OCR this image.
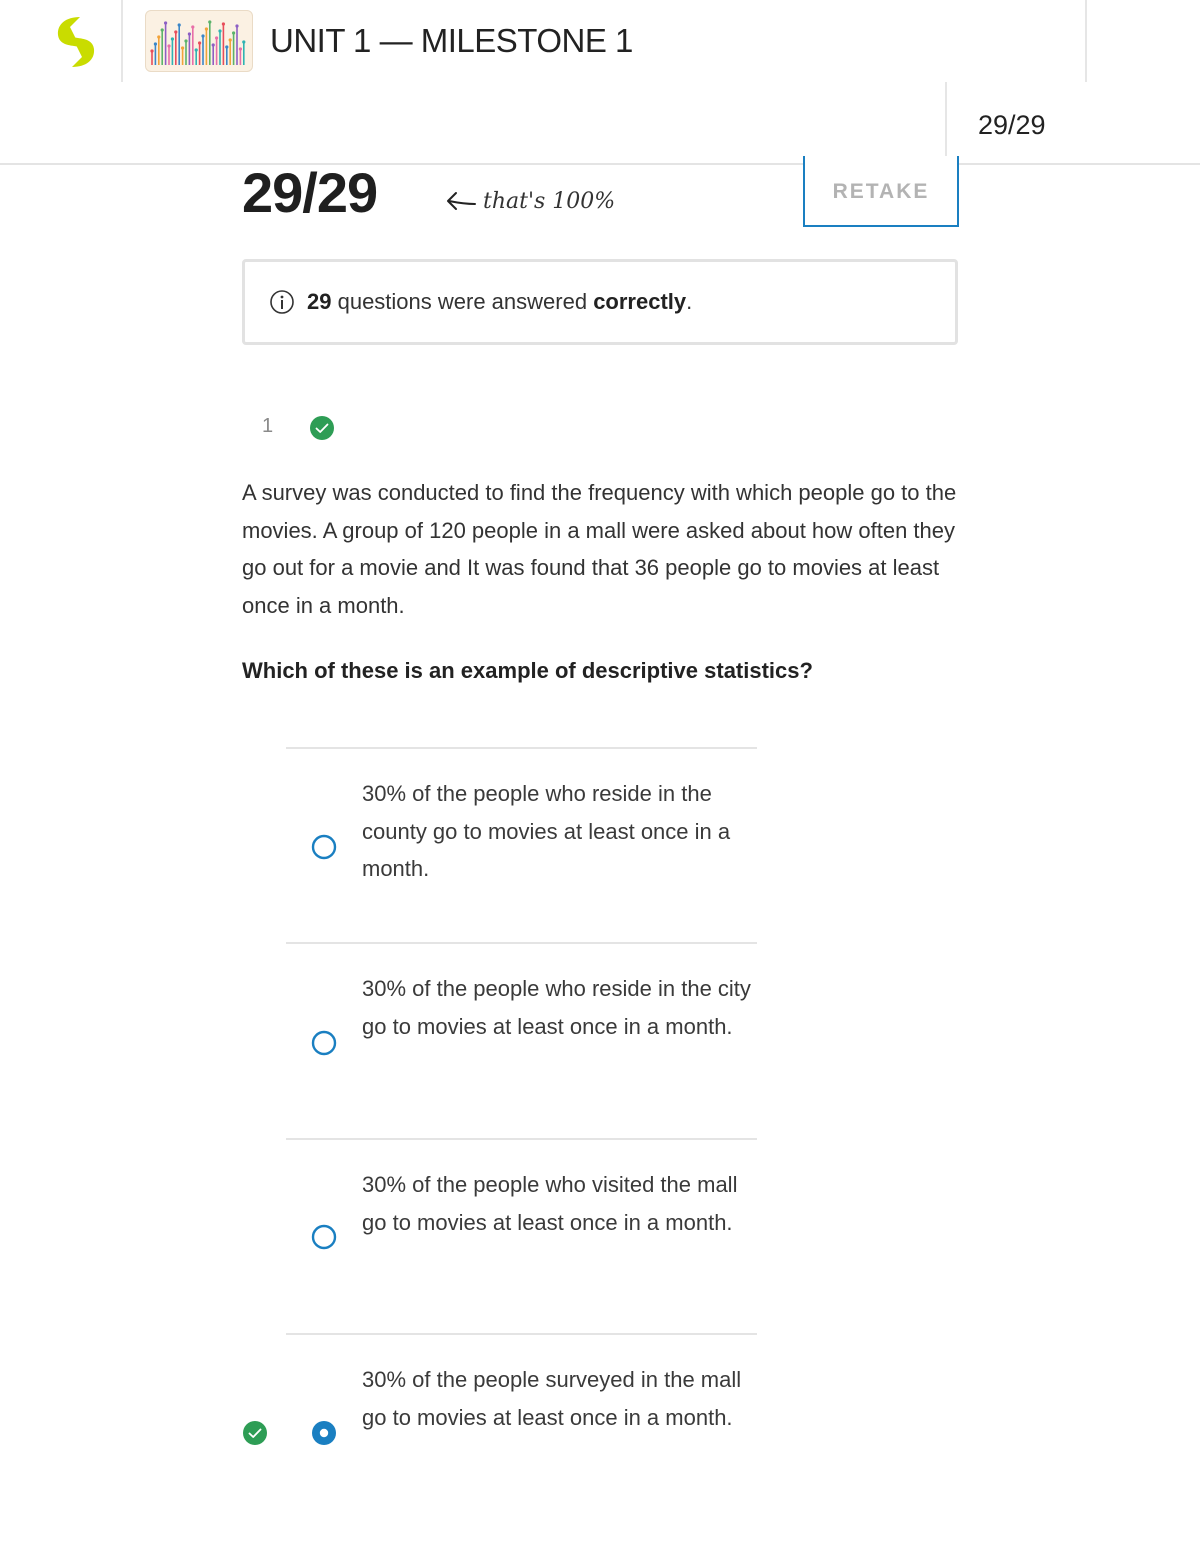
UNIT 1 — MILESTONE 1
29/29
29/29	that's 100%	RETAKE
29 questions were answered correctly .
1
A survey was conducted to find the frequency with which people go to the movies. A group of 120 people in a mall were asked about how often they go out for a movie and It was found that 36 people go to movies at least once in a month.
Which of these is an example of descriptive statistics?
30% of the people who reside in the county go to movies at least once in a month.
30% of the people who reside in the city go to movies at least once in a month.
30% of the people who visited the mall go to movies at least once in a month.
30% of the people surveyed in the mall go to movies at least once in a month.
